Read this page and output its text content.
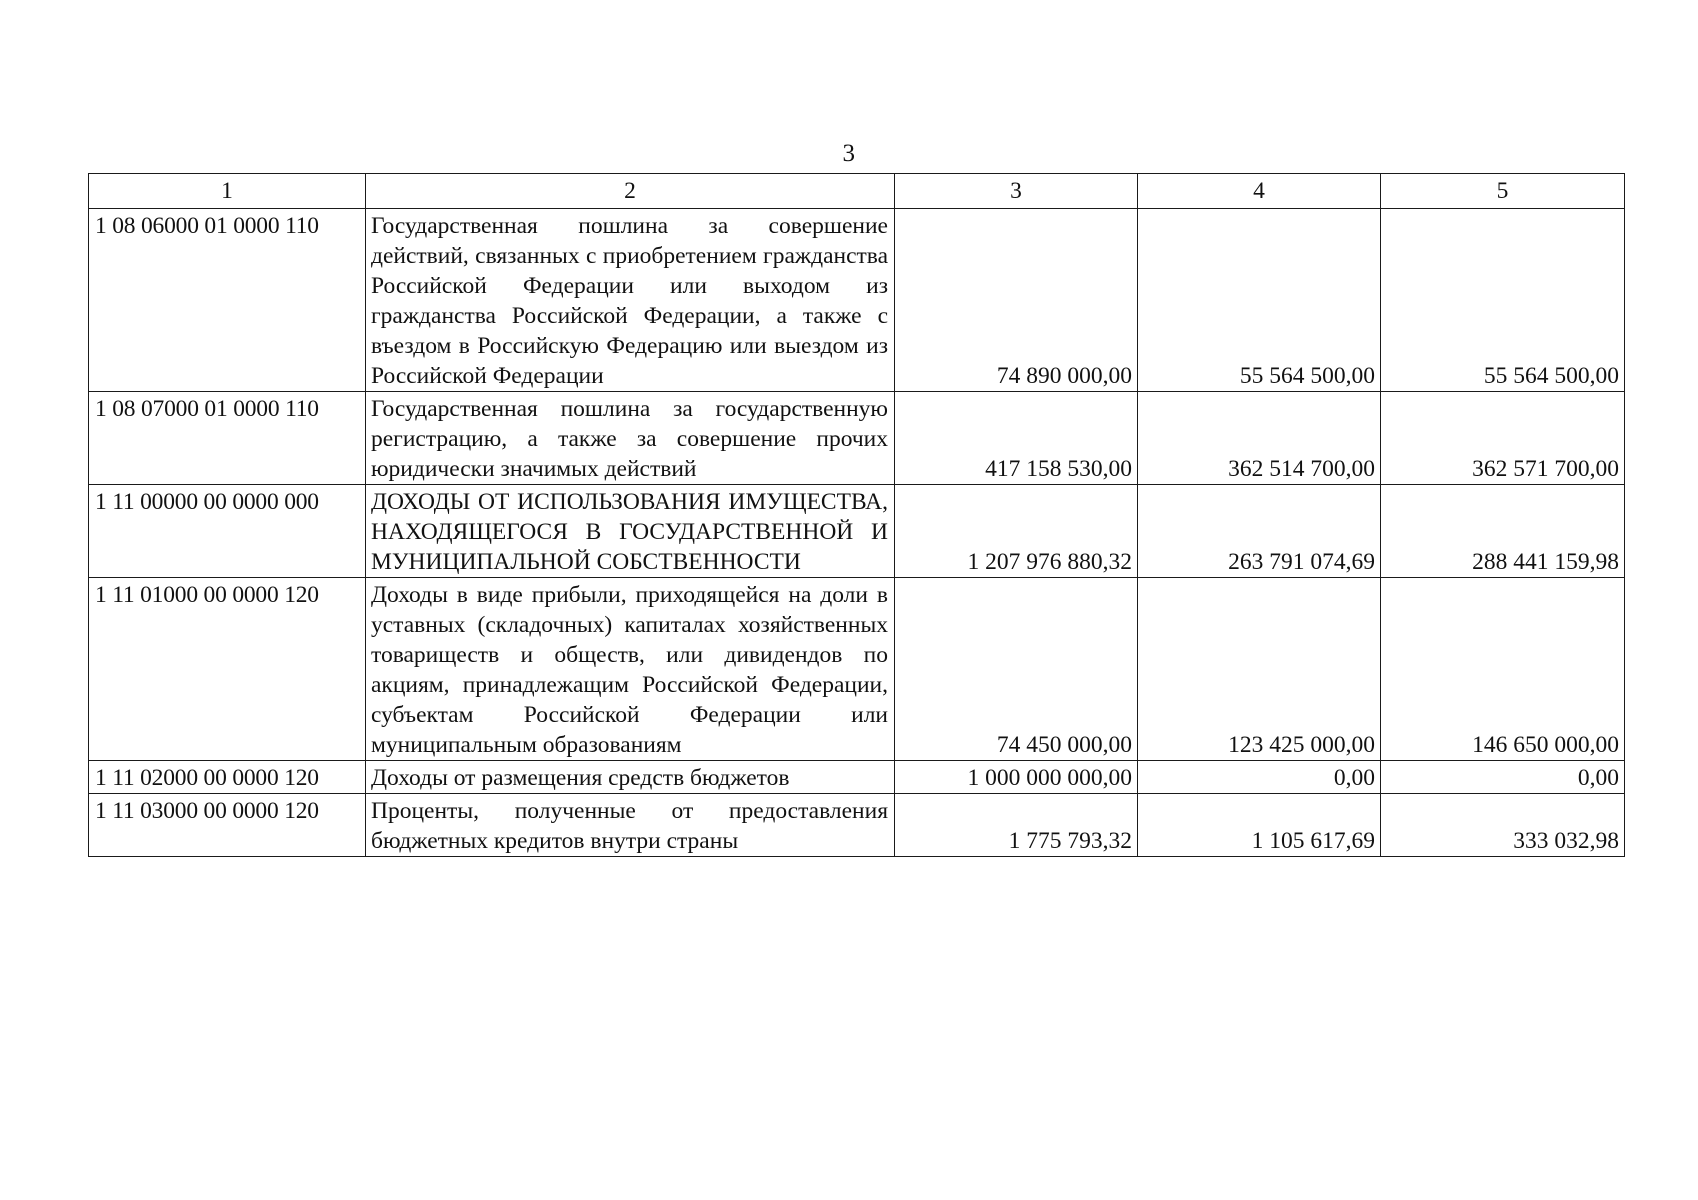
3
1	2	3	4	5
1 08 06000 01 0000 110	Государственная пошлина за совершение действий, связанных с приобретением гражданства Российской Федерации или выходом из гражданства Российской Федерации, а также с въездом в Российскую Федерацию или выездом из Российской Федерации	74 890 000,00	55 564 500,00	55 564 500,00
1 08 07000 01 0000 110	Государственная пошлина за государственную регистрацию, а также за совершение прочих юридически значимых действий	417 158 530,00	362 514 700,00	362 571 700,00
1 11 00000 00 0000 000	ДОХОДЫ ОТ ИСПОЛЬЗОВАНИЯ ИМУЩЕСТВА, НАХОДЯЩЕГОСЯ В ГОСУДАРСТВЕННОЙ И МУНИЦИПАЛЬНОЙ СОБСТВЕННОСТИ	1 207 976 880,32	263 791 074,69	288 441 159,98
1 11 01000 00 0000 120	Доходы в виде прибыли, приходящейся на доли в уставных (складочных) капиталах хозяйственных товариществ и обществ, или дивидендов по акциям, принадлежащим Российской Федерации, субъектам Российской Федерации или муниципальным образованиям	74 450 000,00	123 425 000,00	146 650 000,00
1 11 02000 00 0000 120	Доходы от размещения средств бюджетов	1 000 000 000,00	0,00	0,00
1 11 03000 00 0000 120	Проценты, полученные от предоставления бюджетных кредитов внутри страны	1 775 793,32	1 105 617,69	333 032,98
